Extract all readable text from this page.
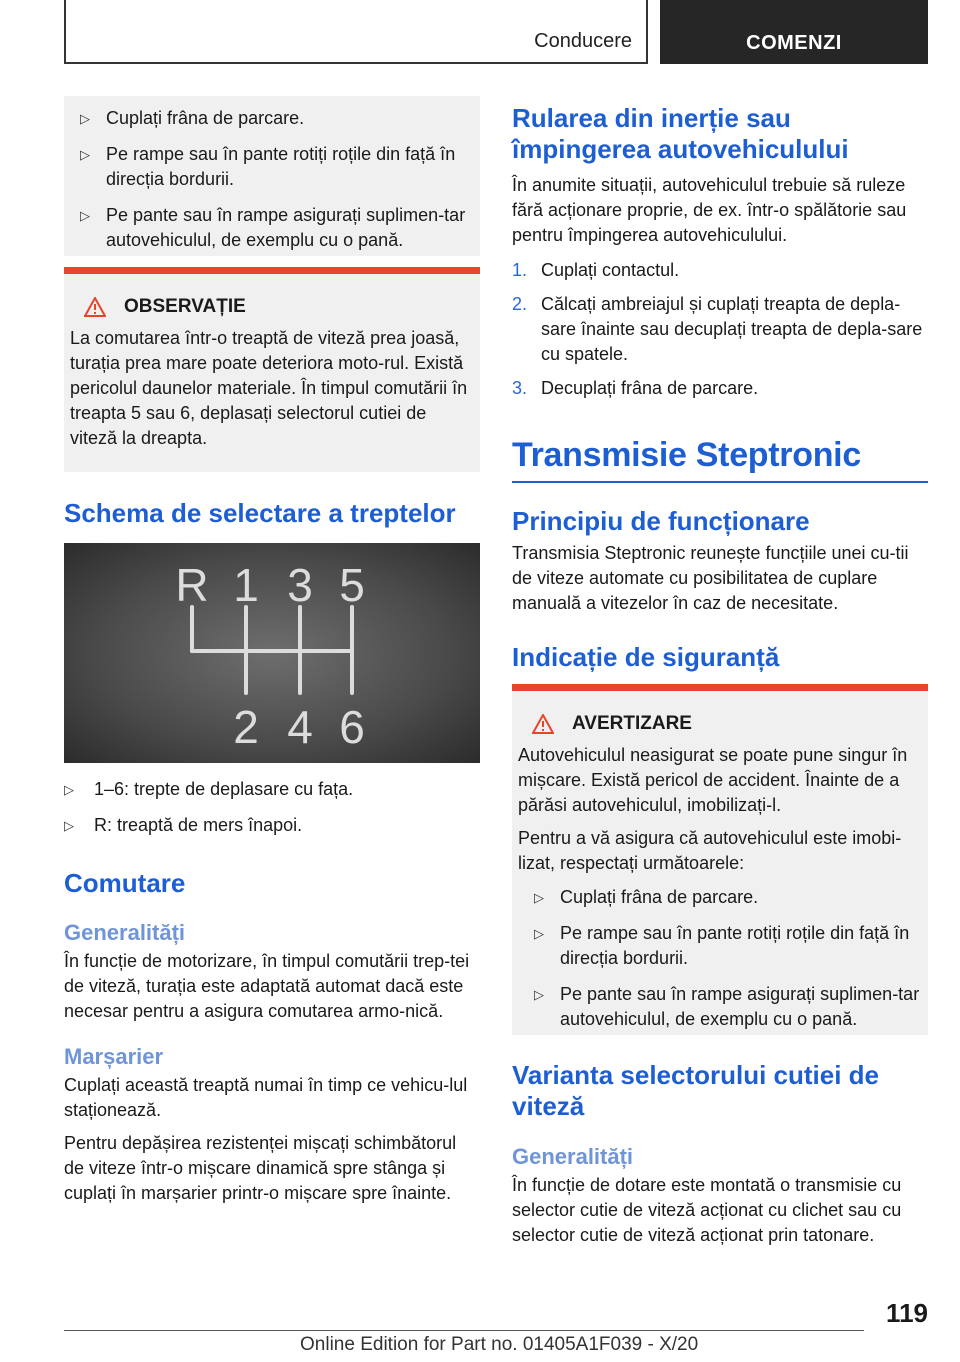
Conducere	COMENZI
▷ Cuplați frâna de parcare.
▷ Pe rampe sau în pante rotiți roțile din față în direcția bordurii.
▷ Pe pante sau în rampe asigurați suplimen-tar autovehiculul, de exemplu cu o pană.
OBSERVAȚIE

La comutarea într-o treaptă de viteză prea joasă, turația prea mare poate deteriora moto-rul. Există pericolul daunelor materiale. În timpul comutării în treapta 5 sau 6, deplasați selectorul cutiei de viteză la dreapta.

Schema de selectare a treptelor
R 1 3 5
2 4 6
▷ 1–6: trepte de deplasare cu fața.
▷ R: treaptă de mers înapoi.
Comutare
Generalități

În funcție de motorizare, în timpul comutării trep-tei de viteză, turația este adaptată automat dacă este necesar pentru a asigura comutarea armo-nică.

Marșarier

Cuplați această treaptă numai în timp ce vehicu-lul staționează.

Pentru depășirea rezistenței mișcați schimbătorul de viteze într-o mișcare dinamică spre stânga și cuplați în marșarier printr-o mișcare spre înainte.

Rularea din inerție sau împingerea autovehiculului

În anumite situații, autovehiculul trebuie să ruleze fără acționare proprie, de ex. într-o spălătorie sau pentru împingerea autovehiculului.

1. Cuplați contactul.
2. Călcați ambreiajul și cuplați treapta de depla-sare înainte sau decuplați treapta de depla-sare cu spatele.
3. Decuplați frâna de parcare.
Transmisie Steptronic
Principiu de funcționare

Transmisia Steptronic reunește funcțiile unei cu-tii de viteze automate cu posibilitatea de cuplare manuală a vitezelor în caz de necesitate.

Indicație de siguranță
AVERTIZARE

Autovehiculul neasigurat se poate pune singur în mișcare. Există pericol de accident. Înainte de a părăsi autovehiculul, imobilizați-l.

Pentru a vă asigura că autovehiculul este imobi-lizat, respectați următoarele:

▷ Cuplați frâna de parcare.
▷ Pe rampe sau în pante rotiți roțile din față în direcția bordurii.
▷ Pe pante sau în rampe asigurați suplimen-tar autovehiculul, de exemplu cu o pană.
Varianta selectorului cutiei de viteză
Generalități

În funcție de dotare este montată o transmisie cu selector cutie de viteză acționat cu clichet sau cu selector cutie de viteză acționat prin tatonare.

119
Online Edition for Part no. 01405A1F039 - X/20
